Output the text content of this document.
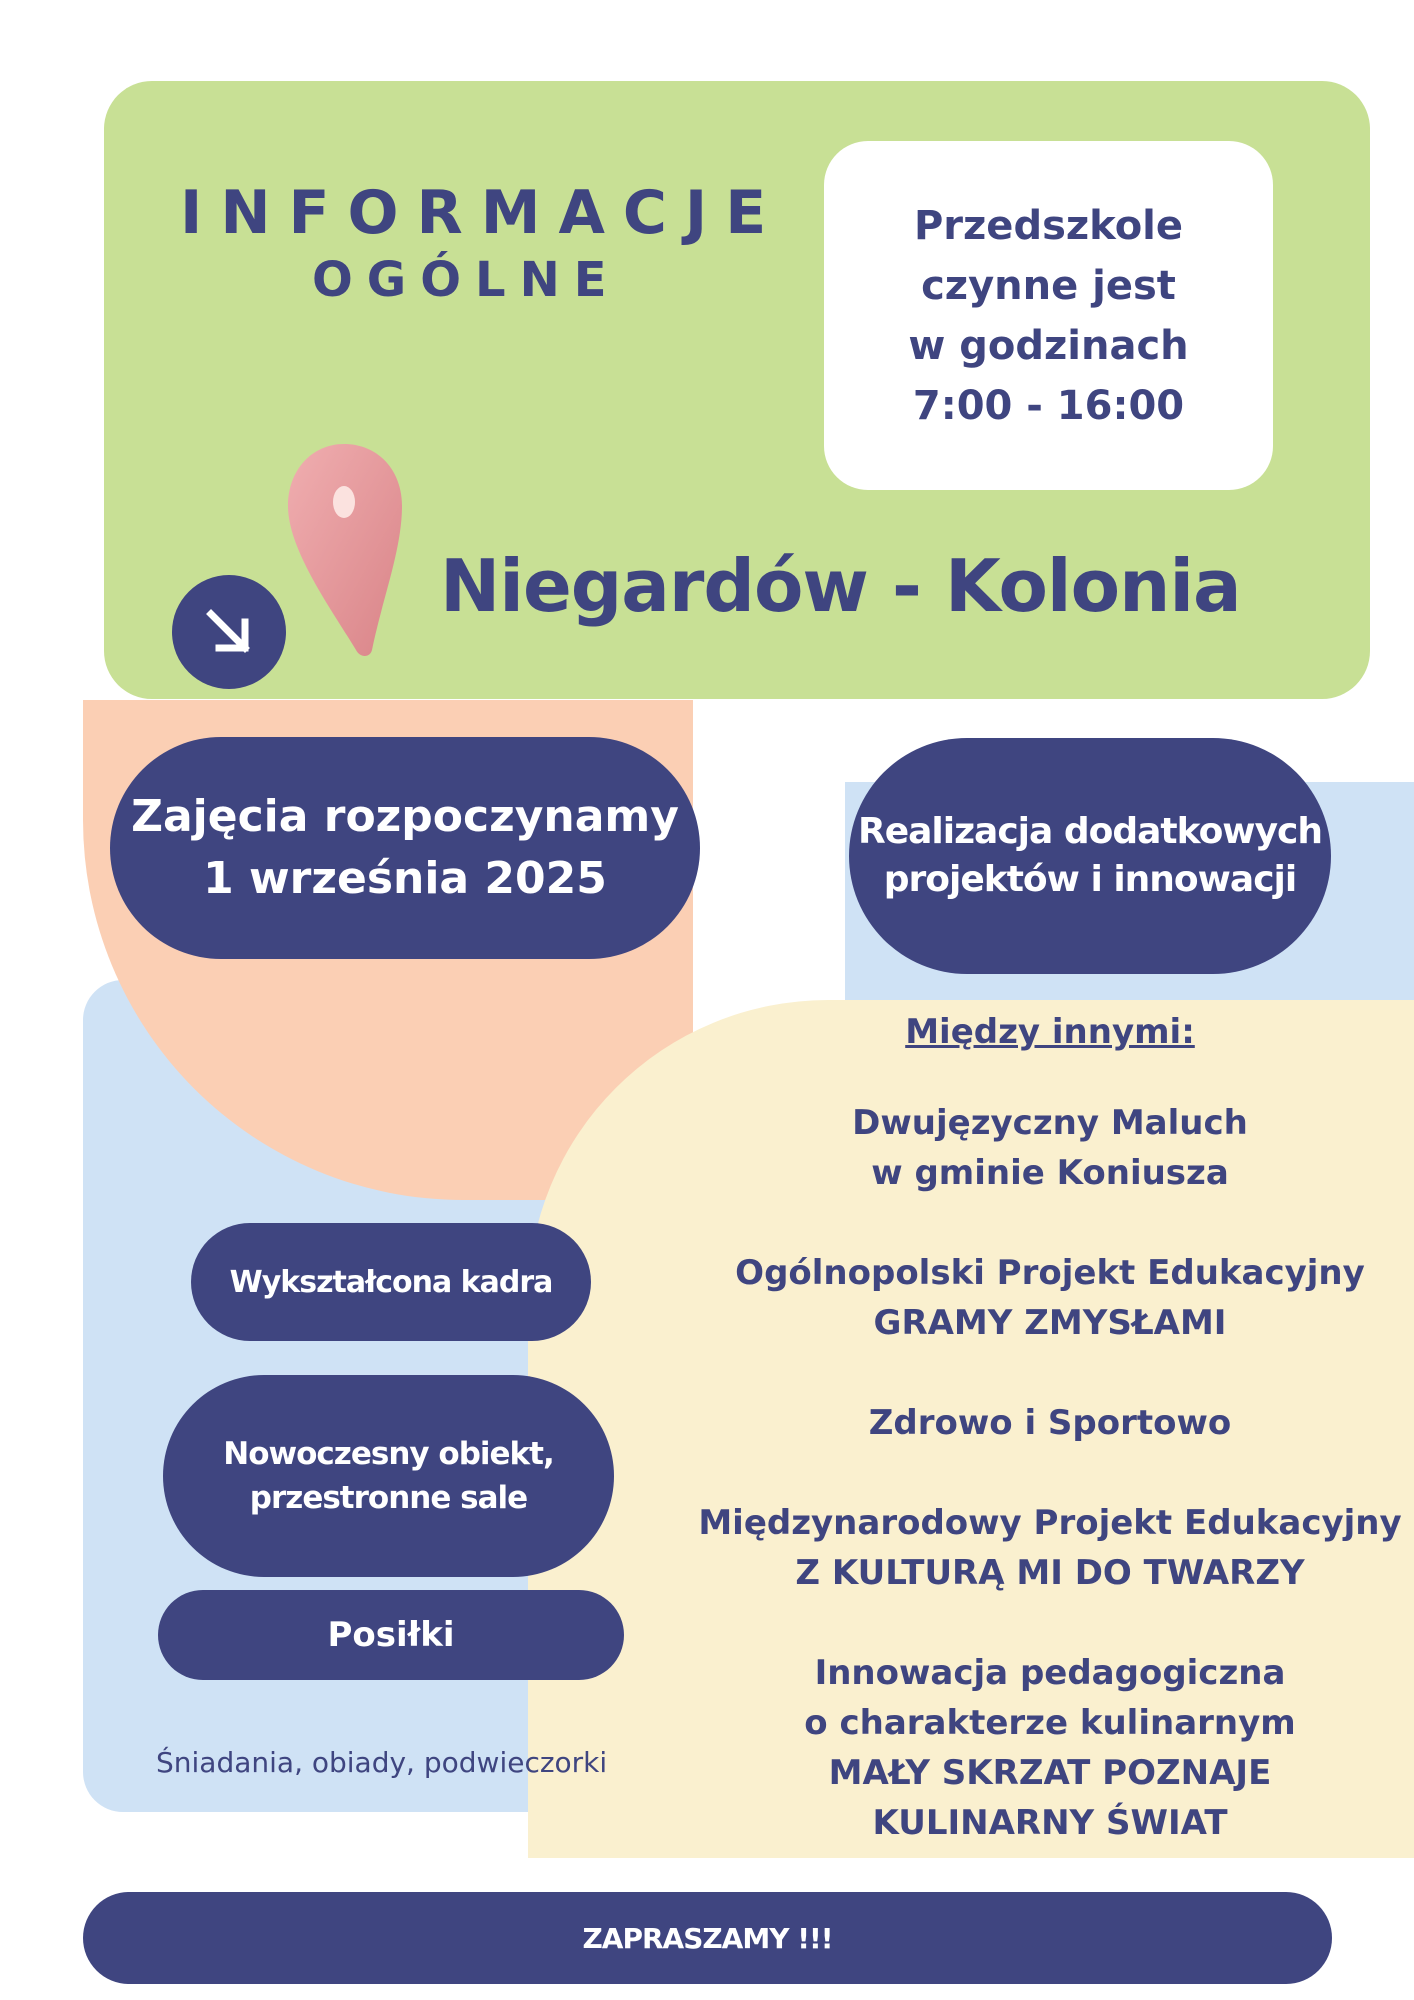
INFORMACJE
OGÓLNE
Przedszkole
czynne jest
w godzinach
7:00 - 16:00
Niegardów - Kolonia
Zajęcia rozpoczynamy
1 września 2025
Realizacja dodatkowych
projektów i innowacji
Wykształcona kadra
Nowoczesny obiekt,
przestronne sale
Posiłki
Śniadania, obiady, podwieczorki
Między innymi:
Dwujęzyczny Maluch
w gminie Koniusza
Ogólnopolski Projekt Edukacyjny
GRAMY ZMYSŁAMI
Zdrowo i Sportowo
Międzynarodowy Projekt Edukacyjny
Z KULTURĄ MI DO TWARZY
Innowacja pedagogiczna
o charakterze kulinarnym
MAŁY SKRZAT POZNAJE
KULINARNY ŚWIAT
ZAPRASZAMY !!!
